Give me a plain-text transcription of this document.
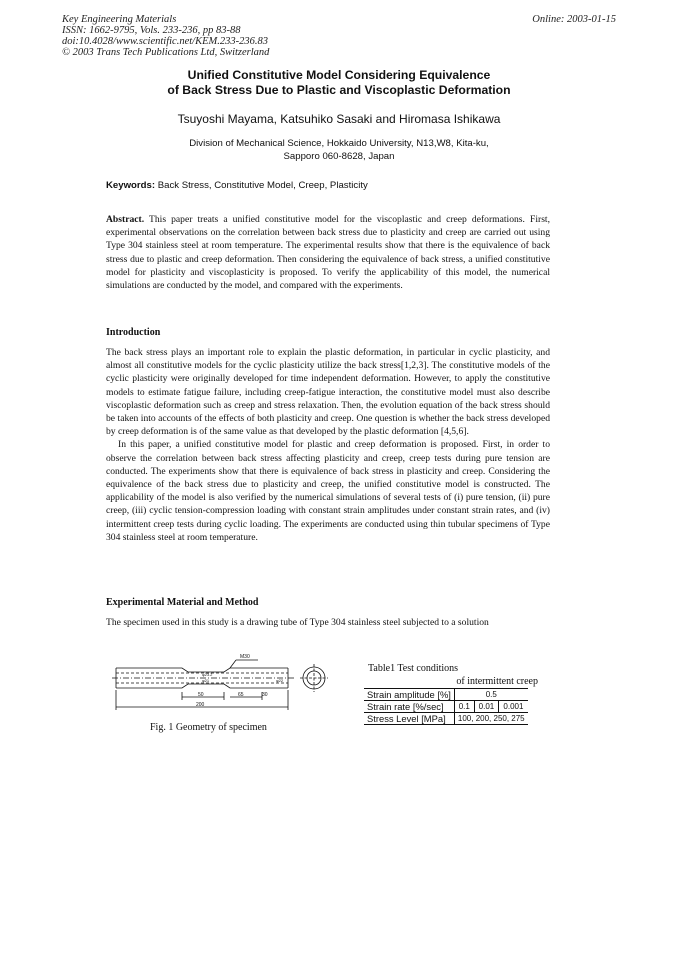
Key Engineering Materials
ISSN: 1662-9795, Vols. 233-236, pp 83-88
doi:10.4028/www.scientific.net/KEM.233-236.83
© 2003 Trans Tech Publications Ltd, Switzerland
Online: 2003-01-15
Unified Constitutive Model Considering Equivalence
of Back Stress Due to Plastic and Viscoplastic Deformation
Tsuyoshi Mayama, Katsuhiko Sasaki and Hiromasa Ishikawa
Division of Mechanical Science, Hokkaido University, N13,W8, Kita-ku,
Sapporo 060-8628, Japan
Keywords: Back Stress, Constitutive Model, Creep, Plasticity
Abstract. This paper treats a unified constitutive model for the viscoplastic and creep deformations. First, experimental observations on the correlation between back stress due to plasticity and creep are carried out using Type 304 stainless steel at room temperature. The experimental results show that there is the equivalence of back stress due to plastic and creep deformation. Then considering the equivalence of back stress, a unified constitutive model for plasticity and viscoplasticity is proposed. To verify the applicability of this model, the numerical simulations are conducted by the model, and compared with the experiments.
Introduction
The back stress plays an important role to explain the plastic deformation, in particular in cyclic plasticity, and almost all constitutive models for the cyclic plasticity utilize the back stress[1,2,3]. The constitutive models of the cyclic plasticity were originally developed for time independent deformation. However, to apply the constitutive models to estimate fatigue failure, including creep-fatigue interaction, the constitutive model must also describe viscoplastic deformation such as creep and stress relaxation. Then, the evolution equation of the back stress should be taken into accounts of the effects of both plasticity and creep. One question is whether the back stress developed by creep deformation is of the same value as that developed by the plastic deformation [4,5,6].
In this paper, a unified constitutive model for plastic and creep deformation is proposed. First, in order to observe the correlation between back stress affecting plasticity and creep, creep tests during pure tension are conducted. The experiments show that there is equivalence of back stress in plasticity and creep. Considering the equivalence of the back stress due to plasticity and creep, the unified constitutive model is constructed. The applicability of the model is also verified by the numerical simulations of several tests of (i) pure tension, (ii) pure creep, (iii) cyclic tension-compression loading with constant strain amplitudes under constant strain rates, and (iv) intermittent creep tests during cyclic loading. The experiments are conducted using thin tubular specimens of Type 304 stainless steel at room temperature.
Experimental Material and Method
The specimen used in this study is a drawing tube of Type 304 stainless steel subjected to a solution
M30
50
200
65	30
φ23.2
φ21	φ22
Fig. 1 Geometry of specimen
Table1 Test conditions
of intermittent creep
Strain amplitude [%]	0.5		
Strain rate [%/sec]	0.1	0.01	0.001
Stress Level [MPa]	100, 200, 250, 275		
